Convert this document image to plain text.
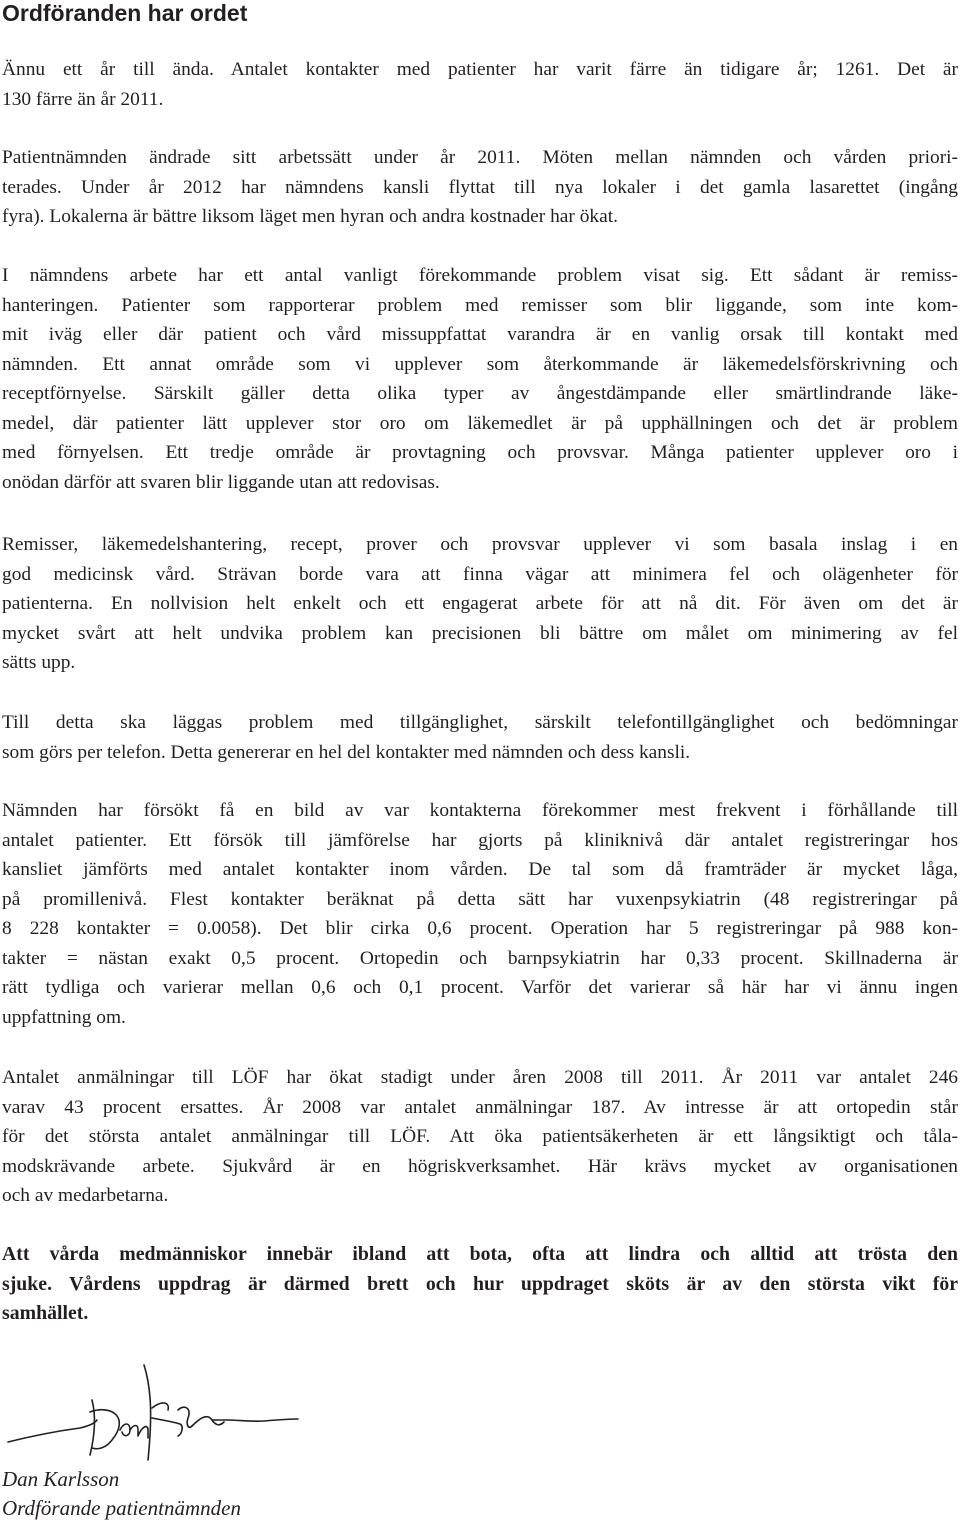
Ordföranden har ordet

Ännu ett år till ända. Antalet kontakter med patienter har varit färre än tidigare år; 1261. Det är
130 färre än år 2011.

Patientnämnden ändrade sitt arbetssätt under år 2011. Möten mellan nämnden och vården priori-
terades. Under år 2012 har nämndens kansli flyttat till nya lokaler i det gamla lasarettet (ingång
fyra). Lokalerna är bättre liksom läget men hyran och andra kostnader har ökat.

I nämndens arbete har ett antal vanligt förekommande problem visat sig. Ett sådant är remiss-
hanteringen. Patienter som rapporterar problem med remisser som blir liggande, som inte kom-
mit iväg eller där patient och vård missuppfattat varandra är en vanlig orsak till kontakt med
nämnden. Ett annat område som vi upplever som återkommande är läkemedelsförskrivning och
receptförnyelse. Särskilt gäller detta olika typer av ångestdämpande eller smärtlindrande läke-
medel, där patienter lätt upplever stor oro om läkemedlet är på upphällningen och det är problem
med förnyelsen. Ett tredje område är provtagning och provsvar. Många patienter upplever oro i
onödan därför att svaren blir liggande utan att redovisas.

Remisser, läkemedelshantering, recept, prover och provsvar upplever vi som basala inslag i en
god medicinsk vård. Strävan borde vara att finna vägar att minimera fel och olägenheter för
patienterna. En nollvision helt enkelt och ett engagerat arbete för att nå dit. För även om det är
mycket svårt att helt undvika problem kan precisionen bli bättre om målet om minimering av fel
sätts upp.

Till detta ska läggas problem med tillgänglighet, särskilt telefontillgänglighet och bedömningar
som görs per telefon. Detta genererar en hel del kontakter med nämnden och dess kansli.

Nämnden har försökt få en bild av var kontakterna förekommer mest frekvent i förhållande till
antalet patienter. Ett försök till jämförelse har gjorts på kliniknivå där antalet registreringar hos
kansliet jämförts med antalet kontakter inom vården. De tal som då framträder är mycket låga,
på promillenivå. Flest kontakter beräknat på detta sätt har vuxenpsykiatrin (48 registreringar på
8 228 kontakter = 0.0058). Det blir cirka 0,6 procent. Operation har 5 registreringar på 988 kon-
takter = nästan exakt 0,5 procent. Ortopedin och barnpsykiatrin har 0,33 procent. Skillnaderna är
rätt tydliga och varierar mellan 0,6 och 0,1 procent. Varför det varierar så här har vi ännu ingen
uppfattning om.

Antalet anmälningar till LÖF har ökat stadigt under åren 2008 till 2011. År 2011 var antalet 246
varav 43 procent ersattes. År 2008 var antalet anmälningar 187. Av intresse är att ortopedin står
för det största antalet anmälningar till LÖF. Att öka patientsäkerheten är ett långsiktigt och tåla-
modskrävande arbete. Sjukvård är en högriskverksamhet. Här krävs mycket av organisationen
och av medarbetarna.

Att vårda medmänniskor innebär ibland att bota, ofta att lindra och alltid att trösta den
sjuke. Vårdens uppdrag är därmed brett och hur uppdraget sköts är av den största vikt för
samhället.

Dan Karlsson

Ordförande patientnämnden
